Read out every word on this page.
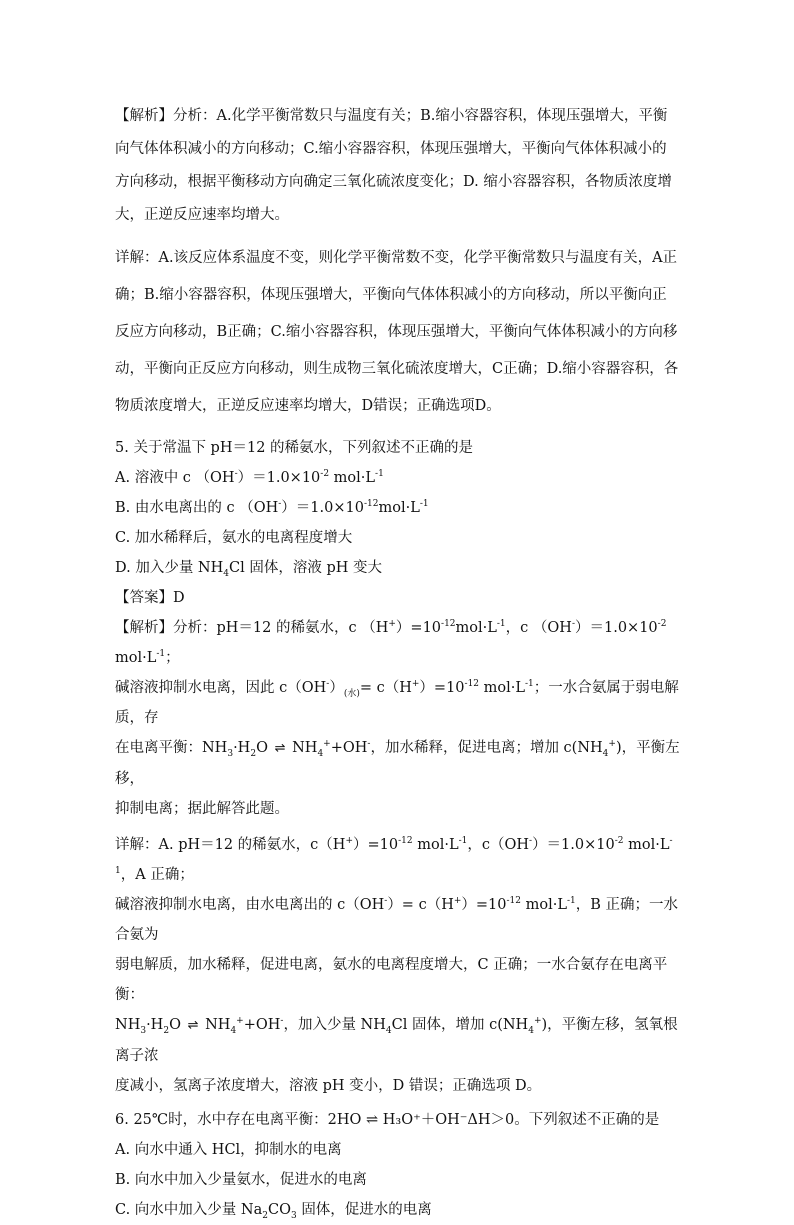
【解析】分析：A.化学平衡常数只与温度有关；B.缩小容器容积，体现压强增大，平衡向气体体积减小的方向移动；C.缩小容器容积，体现压强增大，平衡向气体体积减小的方向移动，根据平衡移动方向确定三氧化硫浓度变化；D. 缩小容器容积，各物质浓度增大，正逆反应速率均增大。

详解：A.该反应体系温度不变，则化学平衡常数不变，化学平衡常数只与温度有关，A正确；B.缩小容器容积，体现压强增大，平衡向气体体积减小的方向移动，所以平衡向正反应方向移动，B正确；C.缩小容器容积，体现压强增大，平衡向气体体积减小的方向移动，平衡向正反应方向移动，则生成物三氧化硫浓度增大，C正确；D.缩小容器容积，各物质浓度增大，正逆反应速率均增大，D错误；正确选项D。

5. 关于常温下 pH＝12 的稀氨水，下列叙述不正确的是

A. 溶液中 c $(OH^-)=1.0\times 10^{-2}$ $mol\cdot L^{-1}$

B. 由水电离出的 c $(OH^-)=1.0\times 10^{-12}mol\cdot L^{-1}$

C. 加水稀释后，氨水的电离程度增大

D. 加入少量 $NH_4Cl$ 固体，溶液 pH 变大

【答案】D

【解析】分析：pH＝12 的稀氨水，c $(H^+)=10^{-12}mol\cdot L^{-1}$，c $(OH^-)=1.0\times 10^{-2}$ $mol\cdot L^{-1}$；
碱溶液抑制水电离，因此 $c(OH^-)_{(水)}= c(H^+)=10^{-12}$ $mol\cdot L^{-1}$；一水合氨属于弱电解质，存
在电离平衡：$NH_3\cdot H_2O$ ⇌ $NH_4^++OH^-$，加水稀释，促进电离；增加 $c(NH_4^+)$，平衡左移，
抑制电离；据此解答此题。
详解：A. pH＝12 的稀氨水，$c(H^+)=10^{-12}$ $mol\cdot L^{-1}$，$c(OH^-)=1.0\times 10^{-2}$ $mol\cdot L^{-1}$，A 正确；
碱溶液抑制水电离，由水电离出的 $c(OH^-)= c(H^+)=10^{-12}$ $mol\cdot L^{-1}$，B 正确；一水合氨为
弱电解质，加水稀释，促进电离，氨水的电离程度增大，C 正确；一水合氨存在电离平衡：
$NH_3\cdot H_2O$ ⇌ $NH_4^++OH^-$，加入少量 $NH_4Cl$ 固体，增加 $c(NH_4^+)$，平衡左移，氢氧根离子浓
度减小，氢离子浓度增大，溶液 pH 变小，D 错误；正确选项 D。

6. 25℃时，水中存在电离平衡：2HO ⇌ H₃O⁺＋OH⁻ΔH＞0。下列叙述不正确的是

A. 向水中通入 HCl，抑制水的电离

B. 向水中加入少量氨水，促进水的电离

C. 向水中加入少量 $Na_2CO_3$ 固体，促进水的电离
